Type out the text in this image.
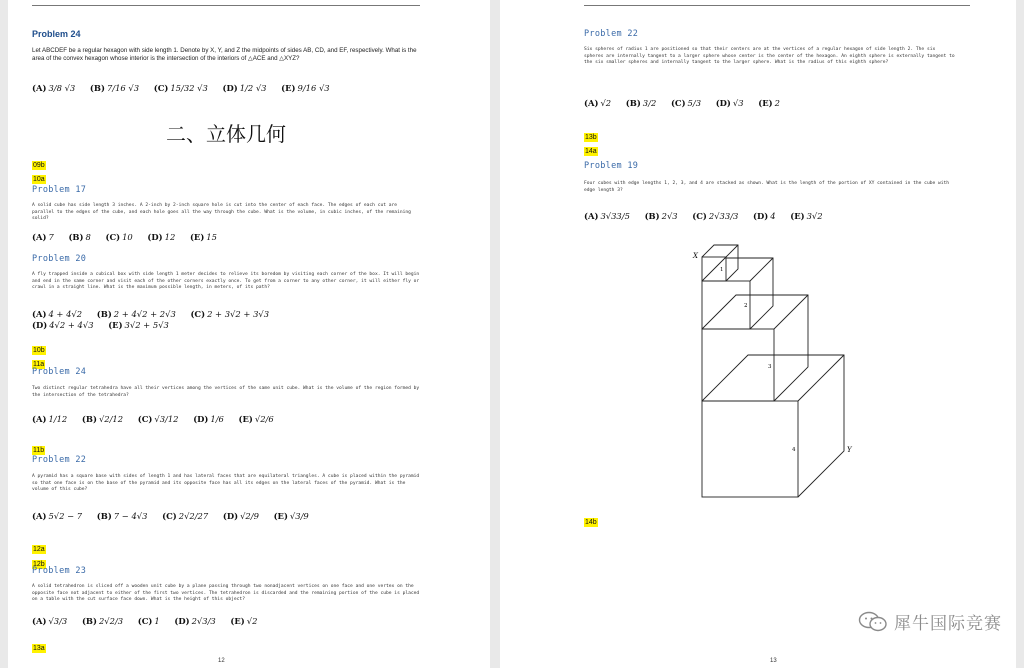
Problem 24
Let ABCDEF be a regular hexagon with side length 1. Denote by X, Y, and Z the midpoints of sides AB, CD, and EF, respectively. What is the area of the convex hexagon whose interior is the intersection of the interiors of △ACE and △XYZ?
(A) 3/8 √3 (B) 7/16 √3 (C) 15/32 √3 (D) 1/2 √3 (E) 9/16 √3
二、立体几何
09b
10a
Problem 17
A solid cube has side length 3 inches. A 2-inch by 2-inch square hole is cut into the center of each face. The edges of each cut are parallel to the edges of the cube, and each hole goes all the way through the cube. What is the volume, in cubic inches, of the remaining solid?
(A) 7 (B) 8 (C) 10 (D) 12 (E) 15
Problem 20
A fly trapped inside a cubical box with side length 1 meter decides to relieve its boredom by visiting each corner of the box. It will begin and end in the same corner and visit each of the other corners exactly once. To get from a corner to any other corner, it will either fly or crawl in a straight line. What is the maximum possible length, in meters, of its path?
(A) 4 + 4√2 (B) 2 + 4√2 + 2√3 (C) 2 + 3√2 + 3√3
(D) 4√2 + 4√3 (E) 3√2 + 5√3
10b
11a
Problem 24
Two distinct regular tetrahedra have all their vertices among the vertices of the same unit cube. What is the volume of the region formed by the intersection of the tetrahedra?
(A) 1/12 (B) √2/12 (C) √3/12 (D) 1/6 (E) √2/6
11b
Problem 22
A pyramid has a square base with sides of length 1 and has lateral faces that are equilateral triangles. A cube is placed within the pyramid so that one face is on the base of the pyramid and its opposite face has all its edges on the lateral faces of the pyramid. What is the volume of this cube?
(A) 5√2 − 7 (B) 7 − 4√3 (C) 2√2/27 (D) √2/9 (E) √3/9
12a
12b
Problem 23
A solid tetrahedron is sliced off a wooden unit cube by a plane passing through two nonadjacent vertices on one face and one vertex on the opposite face not adjacent to either of the first two vertices. The tetrahedron is discarded and the remaining portion of the cube is placed on a table with the cut surface face down. What is the height of this object?
(A) √3/3 (B) 2√2/3 (C) 1 (D) 2√3/3 (E) √2
13a
12
Problem 22
Six spheres of radius 1 are positioned so that their centers are at the vertices of a regular hexagon of side length 2. The six spheres are internally tangent to a larger sphere whose center is the center of the hexagon. An eighth sphere is externally tangent to the six smaller spheres and internally tangent to the larger sphere. What is the radius of this eighth sphere?
(A) √2 (B) 3/2 (C) 5/3 (D) √3 (E) 2
13b
14a
Problem 19
Four cubes with edge lengths 1, 2, 3, and 4 are stacked as shown. What is the length of the portion of XY contained in the cube with edge length 3?
(A) 3√33/5 (B) 2√3 (C) 2√33/3 (D) 4 (E) 3√2
X
Y
1
2
3
4
14b
13
犀牛国际竞赛
